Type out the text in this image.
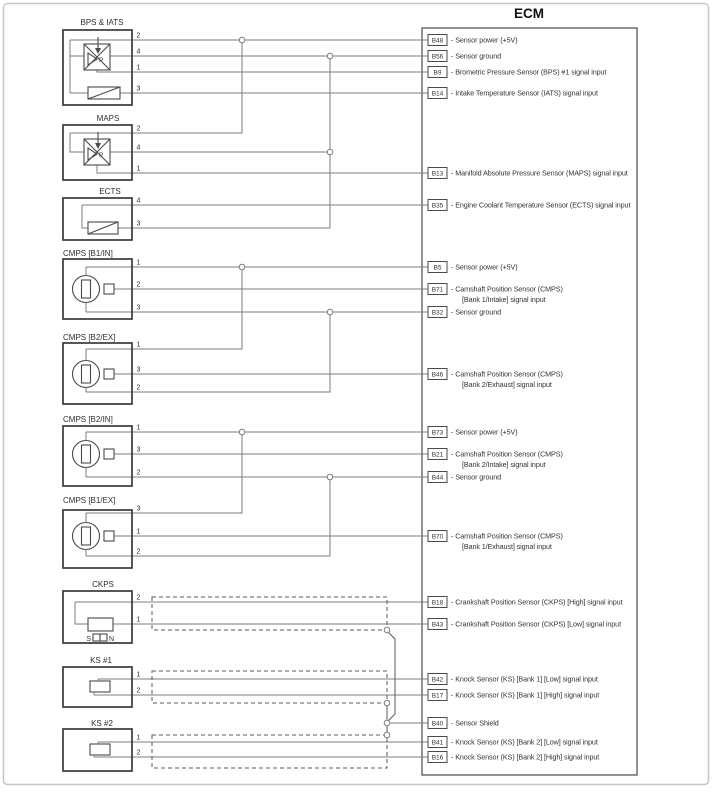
ECM
BPS & IATS
P
2
4
1
3
MAPS
P
2
4
1
ECTS
4
3
CMPS [B1/IN]
1
2
3
CMPS [B2/EX]
1
3
2
CMPS [B2/IN]
1
3
2
CMPS [B1/EX]
3
1
2
CKPS
S	N
2
1
KS #1
1
2
KS #2
1
2
B48 - Sensor power (+5V)
B56 - Sensor ground
B9 - Brometric Pressure Sensor (BPS) #1 signal input
B14 - Intake Temperature Sensor (IATS) signal input
B13 - Manifold Absolute Pressure Sensor (MAPS) signal input
B35 - Engine Coolant Temperature Sensor (ECTS) signal input
B5 - Sensor power (+5V)
B71 - Camshaft Position Sensor (CMPS)
[Bank 1/Intake] signal input
B32 - Sensor ground
B46 - Camshaft Position Sensor (CMPS)
[Bank 2/Exhaust] signal input
B73 - Sensor power (+5V)
B21 - Camshaft Position Sensor (CMPS)
[Bank 2/Intake] signal input
B44 - Sensor ground
B70 - Camshaft Position Sensor (CMPS)
[Bank 1/Exhaust] signal input
B18 - Crankshaft Position Sensor (CKPS) [High] signal input
B43 - Crankshaft Position Sensor (CKPS) [Low] signal input
B42 - Knock Sensor (KS) [Bank 1] [Low] signal input
B17 - Knock Sensor (KS) [Bank 1] [High] signal input
B40 - Sensor Shield
B41 - Knock Sensor (KS) [Bank 2] [Low] signal input
B16 - Knock Sensor (KS) [Bank 2] [High] signal input
